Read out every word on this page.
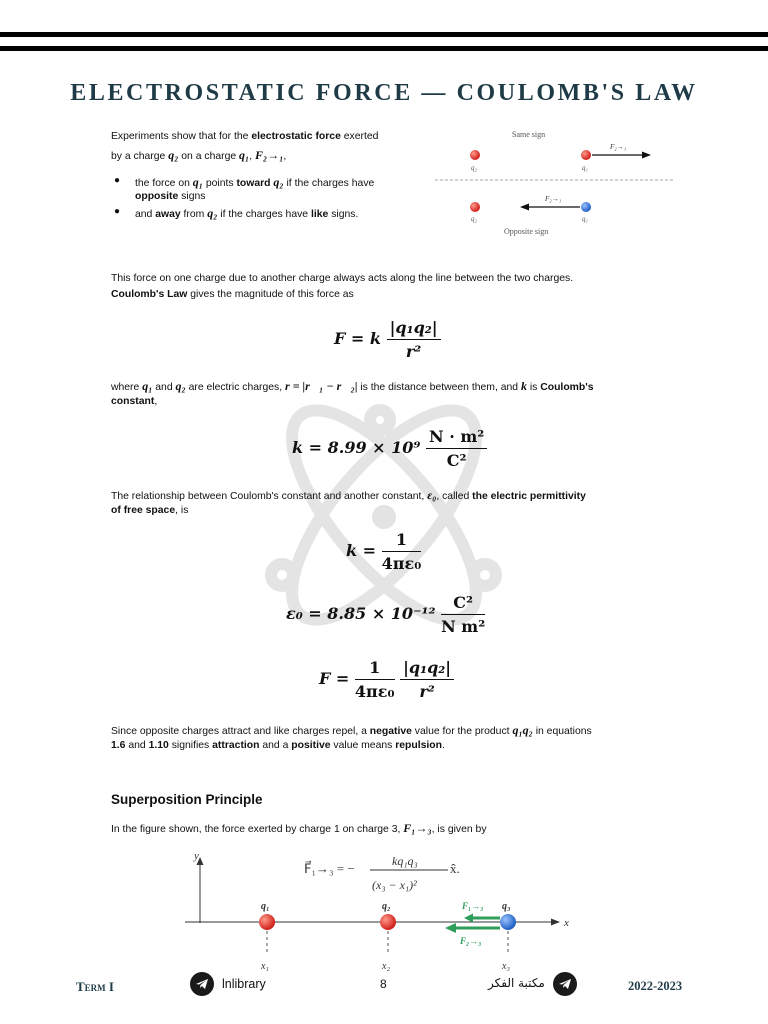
ELECTROSTATIC FORCE — COULOMB'S LAW
Experiments show that for the electrostatic force exerted
by a charge q₂ on a charge q₁, F₂→₁,
● the force on q₁ points toward q₂ if the charges have
opposite signs
● and away from q₂ if the charges have like signs.
Same sign
q₂	q₁
F₂→₁
q₂	q₁
F₂→₁
Opposite sign
This force on one charge due to another charge always acts along the line between the two charges.
Coulomb's Law gives the magnitude of this force as
F = k $\frac{\text{|q₁q₂|}}{\text{r²}}$
where q₁ and q₂ are electric charges, r = |r⃗₁ − r⃗₂| is the distance between them, and k is Coulomb's
constant,
$k = 8.99 \times 10^9 \frac{\text{N · m²}}{\text{C²}}$
The relationship between Coulomb's constant and another constant, ε₀, called the electric permittivity
of free space, is
$k = \frac{1}{\text{4πε₀}}$
$\varepsilon_0 = 8.85 \times 10^{-12} \frac{\text{C²}}{\text{N m²}}$
$F = \frac{1}{\text{4πε₀}}$
$\frac{\text{|q₁q₂|}}{\text{r²}}$
Since opposite charges attract and like charges repel, a negative value for the product q₁q₂ in equations
1.6 and 1.10 signifies attraction and a positive value means repulsion.
Superposition Principle
In the figure shown, the force exerted by charge 1 on charge 3, F₁→₃, is given by
F⃗₁→₃ = −	kq₁q₃
(x₃ − x₁)²
x̂.
y
x
q₁
x₁
q₂
x₂
q₃
x₃
F₁→₃
F₂→₃
Term I	lnlibrary	8	مكتبة الفكر	2022-2023
